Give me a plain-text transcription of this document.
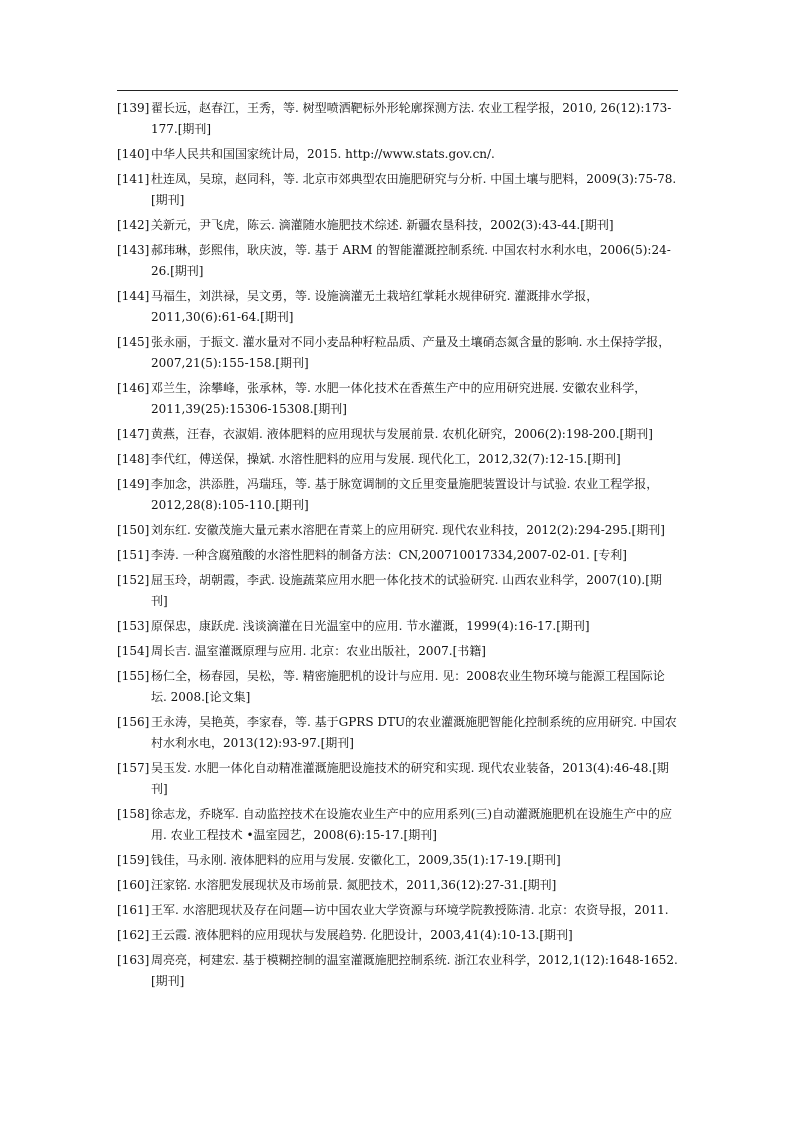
[139] 翟长远，赵春江，王秀，等. 树型喷洒靶标外形轮廓探测方法. 农业工程学报，2010, 26(12):173-177.[期刊]
[140] 中华人民共和国国家统计局，2015. http://www.stats.gov.cn/.
[141] 杜连凤，吴琼，赵同科，等. 北京市郊典型农田施肥研究与分析. 中国土壤与肥料，2009(3):75-78.[期刊]
[142] 关新元，尹飞虎，陈云. 滴灌随水施肥技术综述. 新疆农垦科技，2002(3):43-44.[期刊]
[143] 郝玮琳，彭熙伟，耿庆波，等. 基于 ARM 的智能灌溉控制系统. 中国农村水利水电，2006(5):24-26.[期刊]
[144] 马福生，刘洪禄，吴文勇，等. 设施滴灌无土栽培红掌耗水规律研究. 灌溉排水学报，2011,30(6):61-64.[期刊]
[145] 张永丽，于振文. 灌水量对不同小麦品种籽粒品质、产量及土壤硝态氮含量的影响. 水土保持学报，2007,21(5):155-158.[期刊]
[146] 邓兰生，涂攀峰，张承林，等. 水肥一体化技术在香蕉生产中的应用研究进展. 安徽农业科学，2011,39(25):15306-15308.[期刊]
[147] 黄燕，汪春，衣淑娟. 液体肥料的应用现状与发展前景. 农机化研究，2006(2):198-200.[期刊]
[148] 李代红，傅送保，操斌. 水溶性肥料的应用与发展. 现代化工，2012,32(7):12-15.[期刊]
[149] 李加念，洪添胜，冯瑞珏，等. 基于脉宽调制的文丘里变量施肥装置设计与试验. 农业工程学报，2012,28(8):105-110.[期刊]
[150] 刘东红. 安徽茂施大量元素水溶肥在青菜上的应用研究. 现代农业科技，2012(2):294-295.[期刊]
[151] 李涛. 一种含腐殖酸的水溶性肥料的制备方法：CN,200710017334,2007-02-01. [专利]
[152] 屈玉玲，胡朝霞，李武. 设施蔬菜应用水肥一体化技术的试验研究. 山西农业科学，2007(10).[期刊]
[153] 原保忠，康跃虎. 浅谈滴灌在日光温室中的应用. 节水灌溉，1999(4):16-17.[期刊]
[154] 周长吉. 温室灌溉原理与应用. 北京：农业出版社，2007.[书籍]
[155] 杨仁全，杨春园，吴松，等. 精密施肥机的设计与应用. 见：2008农业生物环境与能源工程国际论坛. 2008.[论文集]
[156] 王永涛，吴艳英，李家春，等. 基于GPRS DTU的农业灌溉施肥智能化控制系统的应用研究. 中国农村水利水电，2013(12):93-97.[期刊]
[157] 吴玉发. 水肥一体化自动精准灌溉施肥设施技术的研究和实现. 现代农业装备，2013(4):46-48.[期刊]
[158] 徐志龙，乔晓军. 自动监控技术在设施农业生产中的应用系列(三)自动灌溉施肥机在设施生产中的应用. 农业工程技术 •温室园艺，2008(6):15-17.[期刊]
[159] 钱佳，马永刚. 液体肥料的应用与发展. 安徽化工，2009,35(1):17-19.[期刊]
[160] 汪家铭. 水溶肥发展现状及市场前景. 氮肥技术，2011,36(12):27-31.[期刊]
[161] 王军. 水溶肥现状及存在问题—访中国农业大学资源与环境学院教授陈清. 北京：农资导报，2011.
[162] 王云霞. 液体肥料的应用现状与发展趋势. 化肥设计，2003,41(4):10-13.[期刊]
[163] 周亮亮，柯建宏. 基于模糊控制的温室灌溉施肥控制系统. 浙江农业科学，2012,1(12):1648-1652.[期刊]
